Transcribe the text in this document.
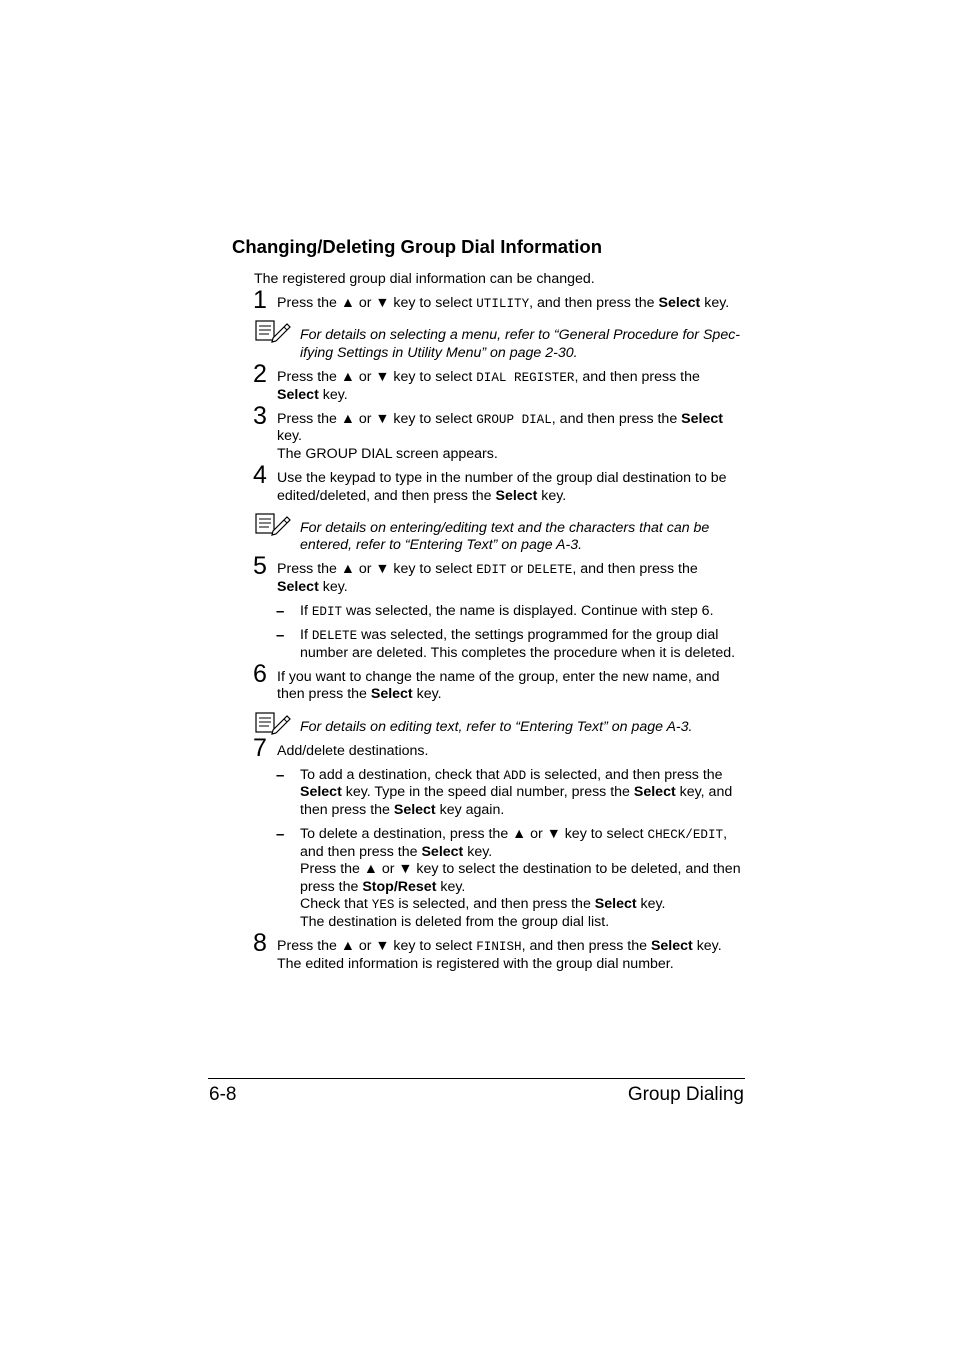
Changing/Deleting Group Dial Information
The registered group dial information can be changed.
1 Press the ▲ or ▼ key to select UTILITY, and then press the Select key.
For details on selecting a menu, refer to “General Procedure for Spec-
ifying Settings in Utility Menu” on page 2-30.
2 Press the ▲ or ▼ key to select DIAL REGISTER, and then press the
Select key.
3 Press the ▲ or ▼ key to select GROUP DIAL, and then press the Select
key.
The GROUP DIAL screen appears.
4 Use the keypad to type in the number of the group dial destination to be
edited/deleted, and then press the Select key.
For details on entering/editing text and the characters that can be
entered, refer to “Entering Text” on page A-3.
5 Press the ▲ or ▼ key to select EDIT or DELETE, and then press the
Select key.
– If EDIT was selected, the name is displayed. Continue with step 6.
– If DELETE was selected, the settings programmed for the group dial
number are deleted. This completes the procedure when it is deleted.
6 If you want to change the name of the group, enter the new name, and
then press the Select key.
For details on editing text, refer to “Entering Text” on page A-3.
7 Add/delete destinations.
– To add a destination, check that ADD is selected, and then press the
Select key. Type in the speed dial number, press the Select key, and
then press the Select key again.
– To delete a destination, press the ▲ or ▼ key to select CHECK/EDIT,
and then press the Select key.
Press the ▲ or ▼ key to select the destination to be deleted, and then
press the Stop/Reset key.
Check that YES is selected, and then press the Select key.
The destination is deleted from the group dial list.
8 Press the ▲ or ▼ key to select FINISH, and then press the Select key.
The edited information is registered with the group dial number.
6-8	Group Dialing
